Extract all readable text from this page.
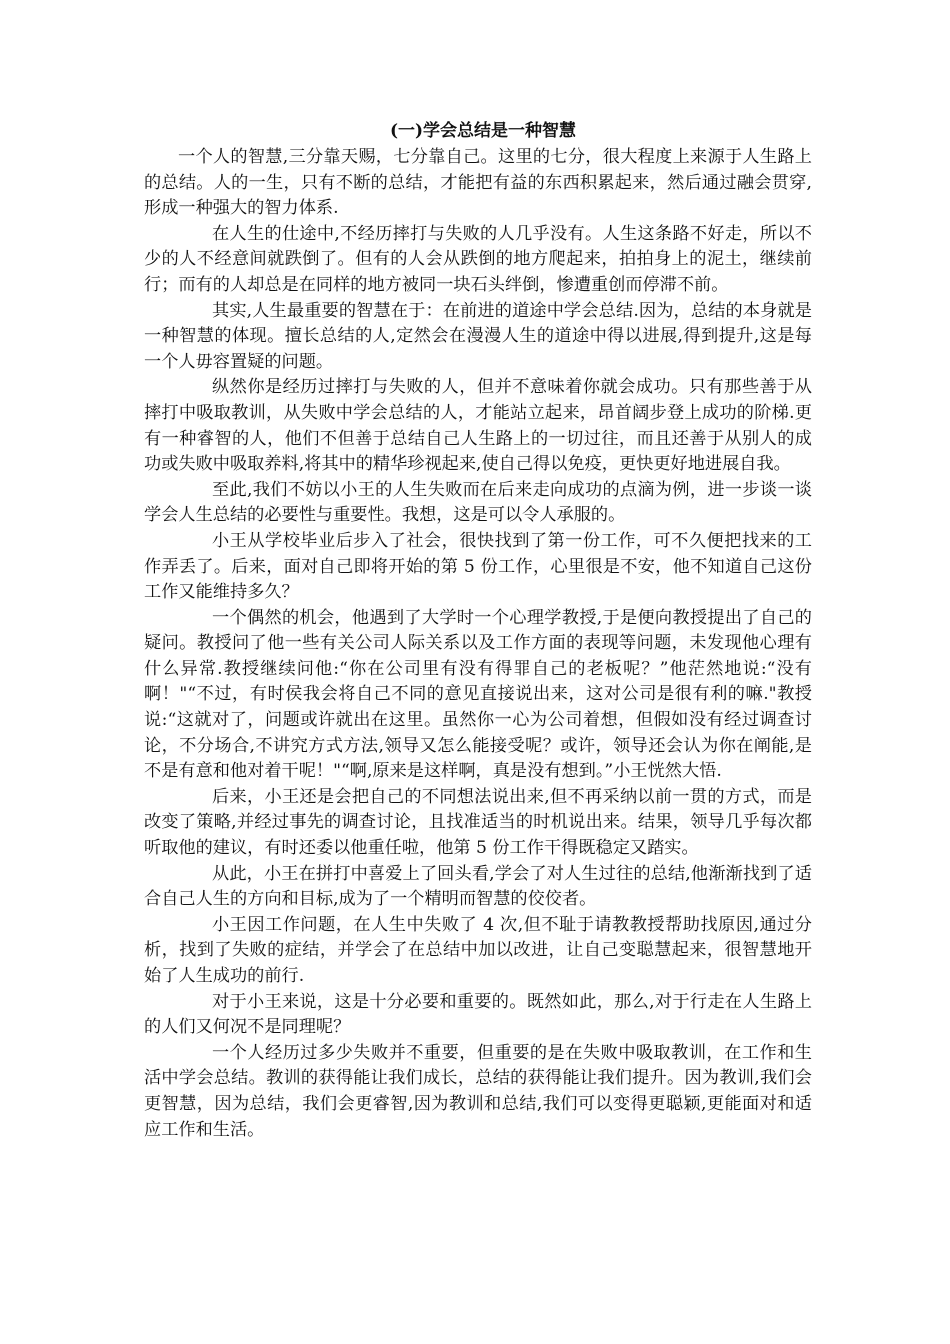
(一)学会总结是一种智慧

一个人的智慧,三分靠天赐，七分靠自己。这里的七分，很大程度上来源于人生路上的总结。人的一生，只有不断的总结，才能把有益的东西积累起来，然后通过融会贯穿,形成一种强大的智力体系.

在人生的仕途中,不经历摔打与失败的人几乎没有。人生这条路不好走，所以不少的人不经意间就跌倒了。但有的人会从跌倒的地方爬起来，拍拍身上的泥土，继续前行；而有的人却总是在同样的地方被同一块石头绊倒，惨遭重创而停滞不前。

其实,人生最重要的智慧在于：在前进的道途中学会总结.因为，总结的本身就是一种智慧的体现。擅长总结的人,定然会在漫漫人生的道途中得以进展,得到提升,这是每一个人毋容置疑的问题。

纵然你是经历过摔打与失败的人，但并不意味着你就会成功。只有那些善于从摔打中吸取教训，从失败中学会总结的人，才能站立起来，昂首阔步登上成功的阶梯.更有一种睿智的人，他们不但善于总结自己人生路上的一切过往，而且还善于从别人的成功或失败中吸取养料,将其中的精华珍视起来,使自己得以免疫，更快更好地进展自我。

至此,我们不妨以小王的人生失败而在后来走向成功的点滴为例，进一步谈一谈学会人生总结的必要性与重要性。我想，这是可以令人承服的。

小王从学校毕业后步入了社会，很快找到了第一份工作，可不久便把找来的工作弄丢了。后来，面对自己即将开始的第 5 份工作，心里很是不安，他不知道自己这份工作又能维持多久？

一个偶然的机会，他遇到了大学时一个心理学教授,于是便向教授提出了自己的疑问。教授问了他一些有关公司人际关系以及工作方面的表现等问题，未发现他心理有什么异常.教授继续问他:“你在公司里有没有得罪自己的老板呢？”他茫然地说:“没有啊！"“不过，有时侯我会将自己不同的意见直接说出来，这对公司是很有利的嘛."教授说:“这就对了，问题或许就出在这里。虽然你一心为公司着想，但假如没有经过调查讨论，不分场合,不讲究方式方法,领导又怎么能接受呢？或许，领导还会认为你在阐能,是不是有意和他对着干呢！"“啊,原来是这样啊，真是没有想到。”小王恍然大悟.

后来，小王还是会把自己的不同想法说出来,但不再采纳以前一贯的方式，而是改变了策略,并经过事先的调查讨论，且找准适当的时机说出来。结果，领导几乎每次都听取他的建议，有时还委以他重任啦，他第 5 份工作干得既稳定又踏实。

从此，小王在拼打中喜爱上了回头看,学会了对人生过往的总结,他渐渐找到了适合自己人生的方向和目标,成为了一个精明而智慧的佼佼者。

小王因工作问题，在人生中失败了 4 次,但不耻于请教教授帮助找原因,通过分析，找到了失败的症结，并学会了在总结中加以改进，让自己变聪慧起来，很智慧地开始了人生成功的前行.

对于小王来说，这是十分必要和重要的。既然如此，那么,对于行走在人生路上的人们又何况不是同理呢？

一个人经历过多少失败并不重要，但重要的是在失败中吸取教训，在工作和生活中学会总结。教训的获得能让我们成长，总结的获得能让我们提升。因为教训,我们会更智慧，因为总结，我们会更睿智,因为教训和总结,我们可以变得更聪颖,更能面对和适应工作和生活。
